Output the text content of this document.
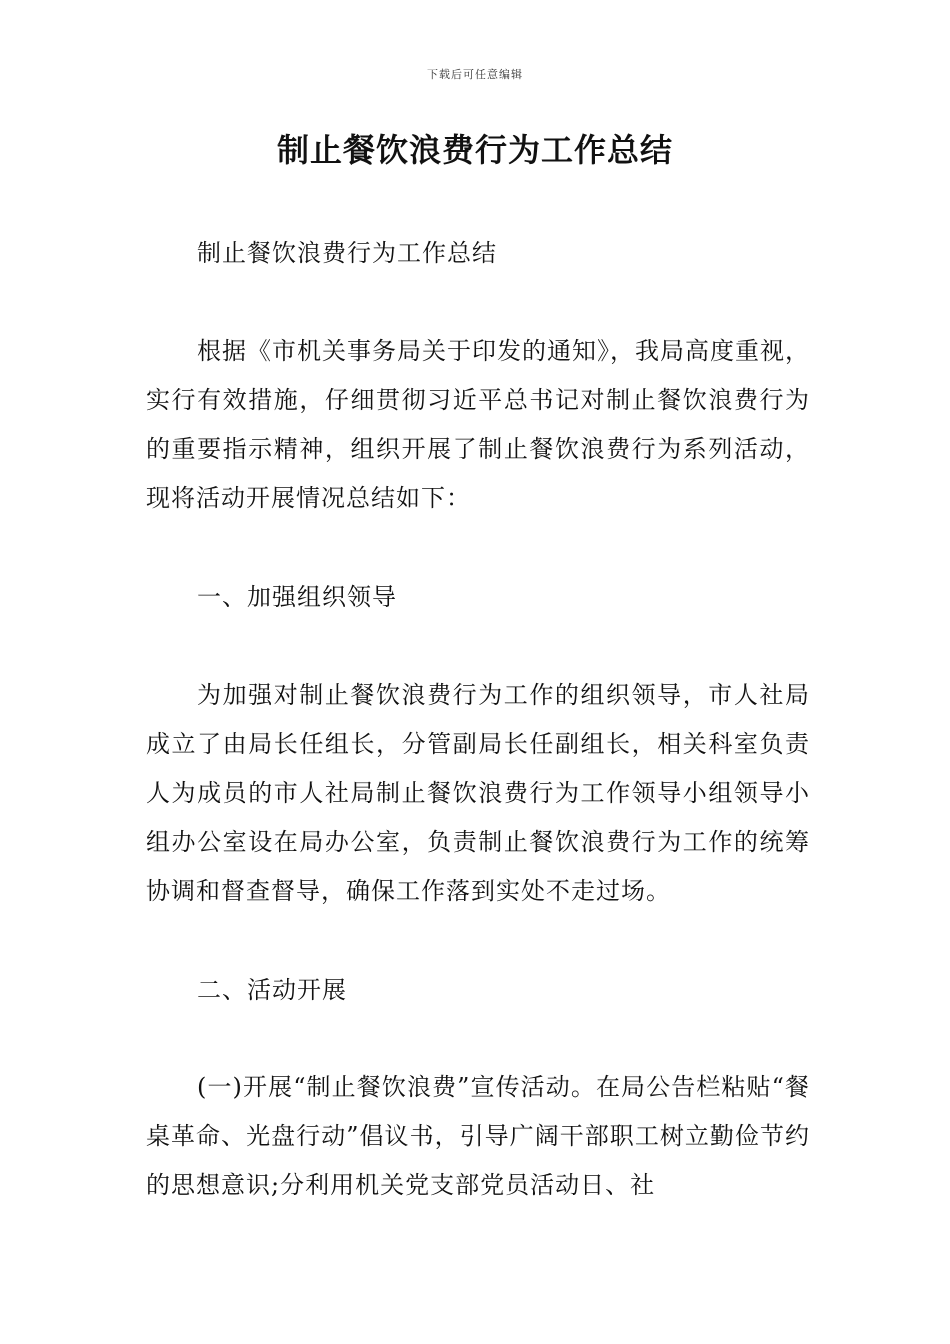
下载后可任意编辑
制止餐饮浪费行为工作总结

制止餐饮浪费行为工作总结

根据《市机关事务局关于印发的通知》，我局高度重视，实行有效措施，仔细贯彻习近平总书记对制止餐饮浪费行为的重要指示精神，组织开展了制止餐饮浪费行为系列活动，现将活动开展情况总结如下：

一、加强组织领导

为加强对制止餐饮浪费行为工作的组织领导，市人社局成立了由局长任组长，分管副局长任副组长，相关科室负责人为成员的市人社局制止餐饮浪费行为工作领导小组领导小组办公室设在局办公室，负责制止餐饮浪费行为工作的统筹协调和督查督导，确保工作落到实处不走过场。

二、活动开展

(一)开展“制止餐饮浪费”宣传活动。在局公告栏粘贴“餐桌革命、光盘行动”倡议书，引导广阔干部职工树立勤俭节约的思想意识;分利用机关党支部党员活动日、社
